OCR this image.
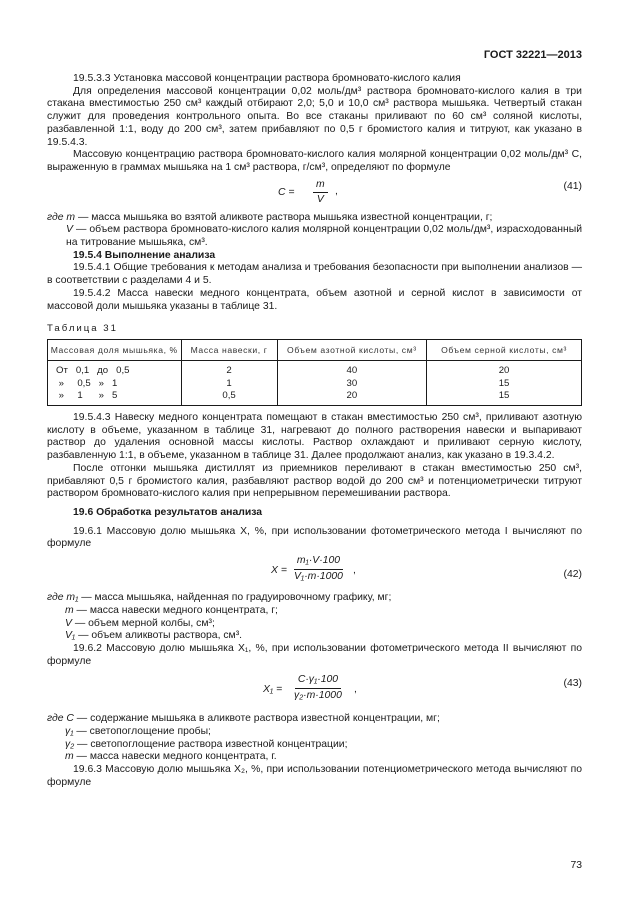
ГОСТ 32221—2013

19.5.3.3 Установка массовой концентрации раствора бромновато-кислого калия

Для определения массовой концентрации 0,02 моль/дм³ раствора бромновато-кислого калия в три стакана вместимостью 250 см³ каждый отбирают 2,0; 5,0 и 10,0 см³ раствора мышьяка. Четвертый стакан служит для проведения контрольного опыта. Во все стаканы приливают по 60 см³ соляной кислоты, разбавленной 1:1, воду до 200 см³, затем прибавляют по 0,5 г бромистого калия и титруют, как указано в 19.5.4.3.

Массовую концентрацию раствора бромновато-кислого калия молярной концентрации 0,02 моль/дм³ C, выраженную в граммах мышьяка на 1 см³ раствора, г/см³, определяют по формуле

$C = \frac{m}{V}$ ,	(41)

где m — масса мышьяка во взятой аликвоте раствора мышьяка известной концентрации, г;

V — объем раствора бромновато-кислого калия молярной концентрации 0,02 моль/дм³, израсходованный на титрование мышьяка, см³.

19.5.4 Выполнение анализа

19.5.4.1 Общие требования к методам анализа и требования безопасности при выполнении анализов — в соответствии с разделами 4 и 5.

19.5.4.2 Масса навески медного концентрата, объем азотной и серной кислот в зависимости от массовой доли мышьяка указаны в таблице 31.

Таблица 31
Массовая доля мышьяка, %	Масса навески, г	Объем азотной кислоты, см³	Объем серной кислоты, см³
От   0,1   до   0,5	2	40	20
»     0,5   »   1	1	30	15
»     1      »   5	0,5	20	15

19.5.4.3 Навеску медного концентрата помещают в стакан вместимостью 250 см³, приливают азотную кислоту в объеме, указанном в таблице 31, нагревают до полного растворения навески и выпаривают раствор до удаления основной массы кислоты. Раствор охлаждают и приливают серную кислоту, разбавленную 1:1, в объеме, указанном в таблице 31. Далее продолжают анализ, как указано в 19.3.4.2.

После отгонки мышьяка дистиллят из приемников переливают в стакан вместимостью 250 см³, прибавляют 0,5 г бромистого калия, разбавляют раствор водой до 200 см³ и потенциометрически титруют раствором бромновато-кислого калия при непрерывном перемешивании раствора.

19.6 Обработка результатов анализа

19.6.1 Массовую долю мышьяка X, %, при использовании фотометрического метода I вычисляют по формуле

$X = \frac{\text{m₁·V·100}}{\text{V₁·m·1000}}$ ,	(42)

где m₁ — масса мышьяка, найденная по градуировочному графику, мг;

m — масса навески медного концентрата, г;

V — объем мерной колбы, см³;

V₁ — объем аликвоты раствора, см³.

19.6.2 Массовую долю мышьяка X₁, %, при использовании фотометрического метода II вычисляют по формуле

$X_1 = \frac{\text{C·γ₁·100}}{\text{γ₂·m·1000}}$ ,
(43)

где C — содержание мышьяка в аликвоте раствора известной концентрации, мг;

γ₁ — светопоглощение пробы;

γ₂ — светопоглощение раствора известной концентрации;

m — масса навески медного концентрата, г.

19.6.3 Массовую долю мышьяка X₂, %, при использовании потенциометрического метода вычисляют по формуле

73
